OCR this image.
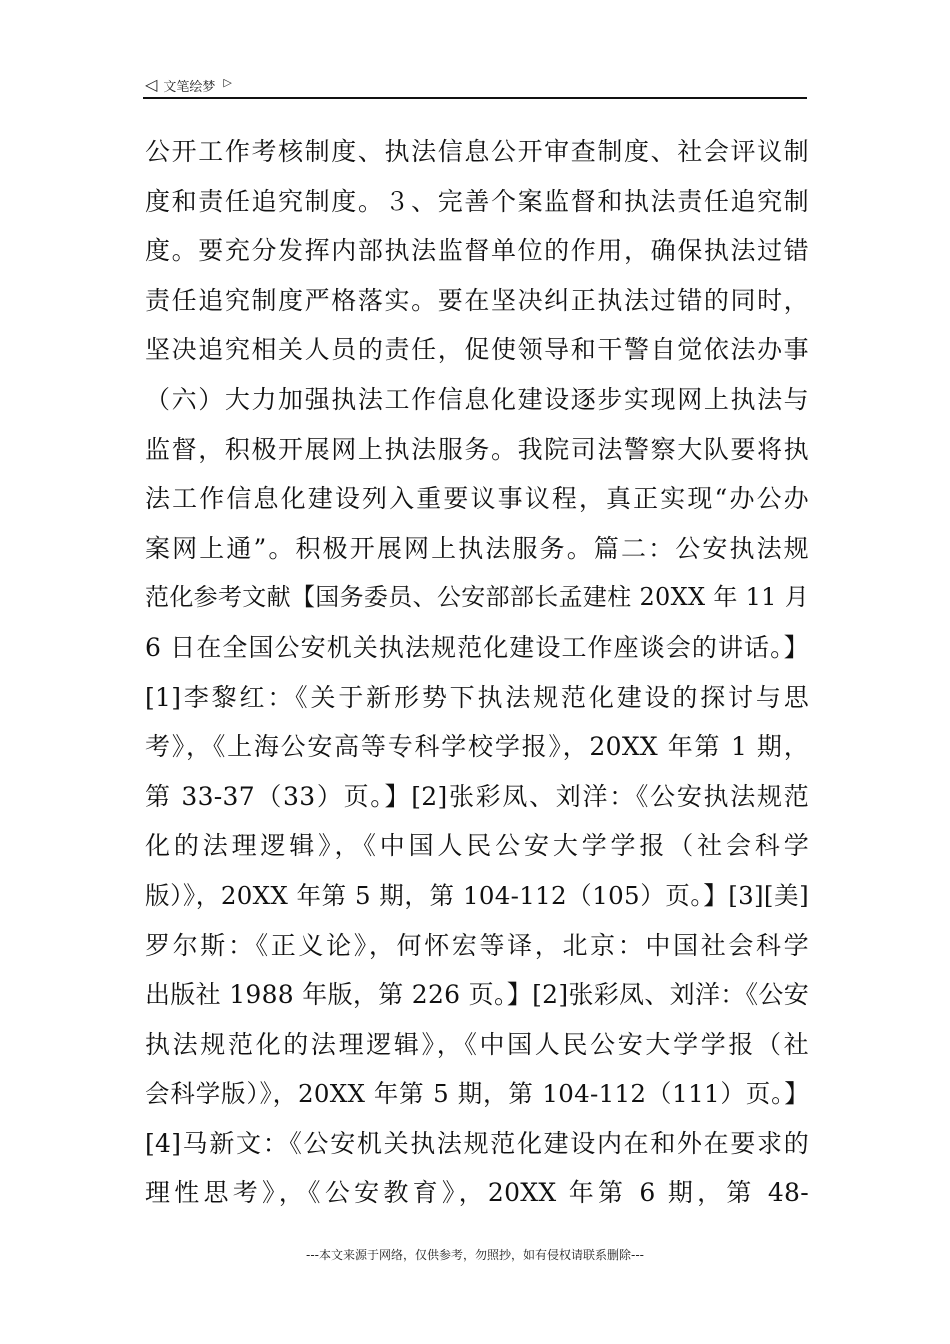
◁ 文笔绘梦 ▷
公开工作考核制度、执法信息公开审查制度、社会评议制
度和责任追究制度。３、完善个案监督和执法责任追究制
度。要充分发挥内部执法监督单位的作用，确保执法过错
责任追究制度严格落实。要在坚决纠正执法过错的同时，
坚决追究相关人员的责任，促使领导和干警自觉依法办事
（六）大力加强执法工作信息化建设逐步实现网上执法与
监督，积极开展网上执法服务。我院司法警察大队要将执
法工作信息化建设列入重要议事议程，真正实现“办公办
案网上通”。积极开展网上执法服务。篇二：公安执法规
范化参考文献【国务委员、公安部部长孟建柱 20XX 年 11 月
6 日在全国公安机关执法规范化建设工作座谈会的讲话。】
[1]李黎红：《关于新形势下执法规范化建设的探讨与思
考》，《上海公安高等专科学校学报》，20XX 年第 1 期，
第 33-37（33）页。】[2]张彩凤、刘洋：《公安执法规范
化的法理逻辑》，《中国人民公安大学学报（社会科学
版）》，20XX 年第 5 期，第 104-112（105）页。】[3][美]
罗尔斯：《正义论》，何怀宏等译，北京：中国社会科学
出版社 1988 年版，第 226 页。】[2]张彩凤、刘洋：《公安
执法规范化的法理逻辑》，《中国人民公安大学学报（社
会科学版）》，20XX 年第 5 期，第 104-112（111）页。】
[4]马新文：《公安机关执法规范化建设内在和外在要求的
理性思考》，《公安教育》，20XX 年第 6 期，第 48-
---本文来源于网络，仅供参考，勿照抄，如有侵权请联系删除---
